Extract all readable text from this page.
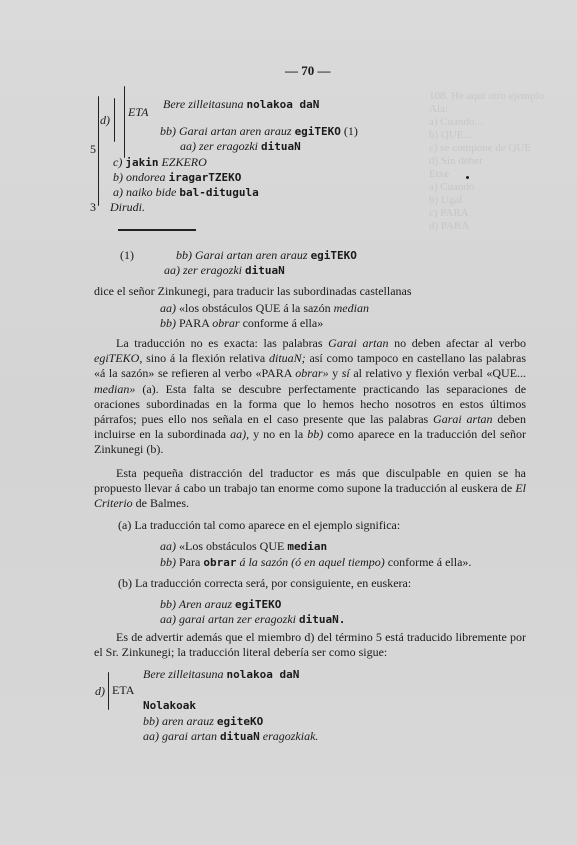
108. He aquí otro ejemplo
Ala:
a) Cuando...
b) QUE...
c) se compone de QUE
d) Sin deber
Etxe
a) Cuando
b) Ugal
c) PARA
d) PARA
— 70 —
Bere zilleitasuna nolakoa daN
d)
ETA
bb) Garai artan aren arauz egiTEKO (1)
5	aa) zer eragozki dituaN
c) jakin EZKERO
b) ondorea iragarTZEKO
a) naiko bide bal-ditugula
3 Dirudi.
(1)	bb) Garai artan aren arauz egiTEKO
aa) zer eragozki dituaN
dice el señor Zinkunegi, para traducir las subordinadas castellanas
aa) «los obstáculos QUE á la sazón median
bb) PARA obrar conforme á ella»

La traducción no es exacta: las palabras Garai artan no deben afectar al verbo egiTEKO, sino á la flexión relativa dituaN; así como tampoco en castellano las palabras «á la sazón» se refieren al verbo «PARA obrar» y sí al relativo y flexión verbal «QUE... median» (a). Esta falta se descubre perfectamente practicando las separaciones de oraciones subordinadas en la forma que lo hemos hecho nosotros en estos últimos párrafos; pues ello nos señala en el caso presente que las palabras Garai artan deben incluirse en la subordinada aa), y no en la bb) como aparece en la traducción del señor Zinkunegi (b).

Esta pequeña distracción del traductor es más que disculpable en quien se ha propuesto llevar á cabo un trabajo tan enorme como supone la traducción al euskera de El Criterio de Balmes.

(a) La traducción tal como aparece en el ejemplo significa:
aa) «Los obstáculos QUE median
bb) Para obrar á la sazón (ó en aquel tiempo) conforme á ella».
(b) La traducción correcta será, por consiguiente, en euskera:
bb) Aren arauz egiTEKO
aa) garai artan zer eragozki dituaN.
Es de advertir además que el miembro d) del término 5 está traducido libremente por el Sr. Zinkunegi; la traducción literal debería ser como sigue:
Bere zilleitasuna nolakoa daN
d) ETA
Nolakoak
bb) aren arauz egiteKO
aa) garai artan dituaN eragozkiak.
